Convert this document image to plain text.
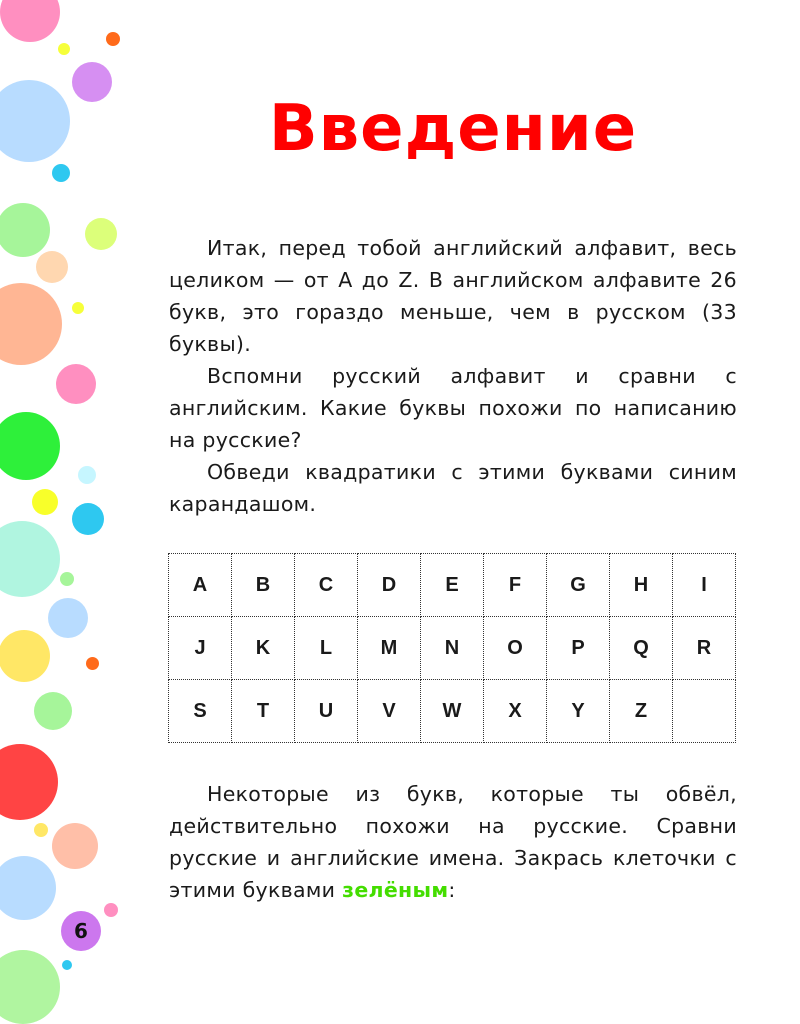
Введение

Итак, перед тобой английский алфавит, весь целиком — от A до Z. В английском алфавите 26 букв, это гораздо меньше, чем в русском (33 буквы).

Вспомни русский алфавит и сравни с английским. Какие буквы похожи по написанию на русские?

Обведи квадратики с этими буквами синим карандашом.

A	B	C	D	E	F	G	H	I
J	K	L	M	N	O	P	Q	R
S	T	U	V	W	X	Y	Z	

Некоторые из букв, которые ты обвёл, действительно похожи на русские. Сравни русские и английские имена. Закрась клеточки с этими буквами зелёным:

6
